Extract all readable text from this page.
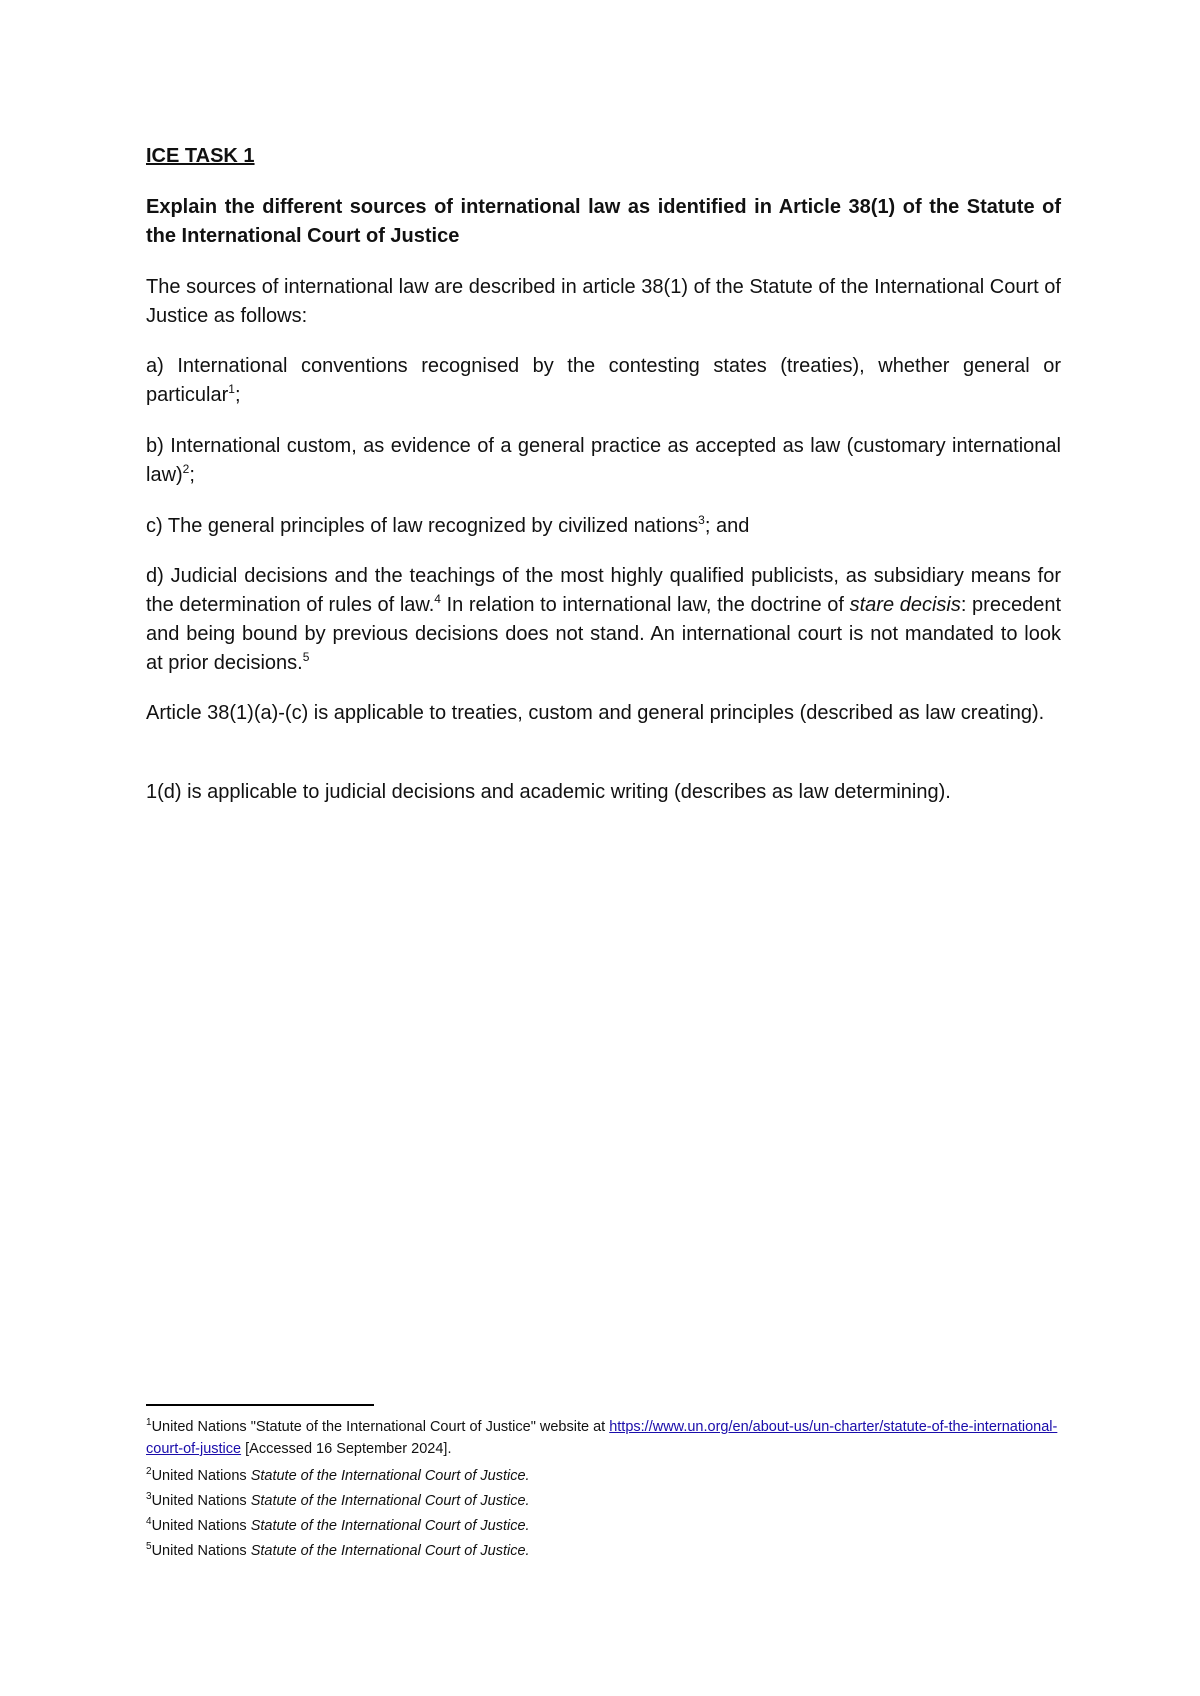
ICE TASK 1
Explain the different sources of international law as identified in Article 38(1) of the Statute of the International Court of Justice

The sources of international law are described in article 38(1) of the Statute of the International Court of Justice as follows:

a) International conventions recognised by the contesting states (treaties), whether general or particular$^1$;

b) International custom, as evidence of a general practice as accepted as law (customary international law)$^2$;

c) The general principles of law recognized by civilized nations$^3$; and

d) Judicial decisions and the teachings of the most highly qualified publicists, as subsidiary means for the determination of rules of law.$^4$ In relation to international law, the doctrine of stare decisis: precedent and being bound by previous decisions does not stand. An international court is not mandated to look at prior decisions.$^5$

Article 38(1)(a)-(c) is applicable to treaties, custom and general principles (described as law creating).

1(d) is applicable to judicial decisions and academic writing (describes as law determining).

$^1$United Nations "Statute of the International Court of Justice" website at https://www.un.org/en/about-us/un-charter/statute-of-the-international-court-of-justice [Accessed 16 September 2024].

$^2$United Nations Statute of the International Court of Justice.

$^3$United Nations Statute of the International Court of Justice.

$^4$United Nations Statute of the International Court of Justice.

$^5$United Nations Statute of the International Court of Justice.
